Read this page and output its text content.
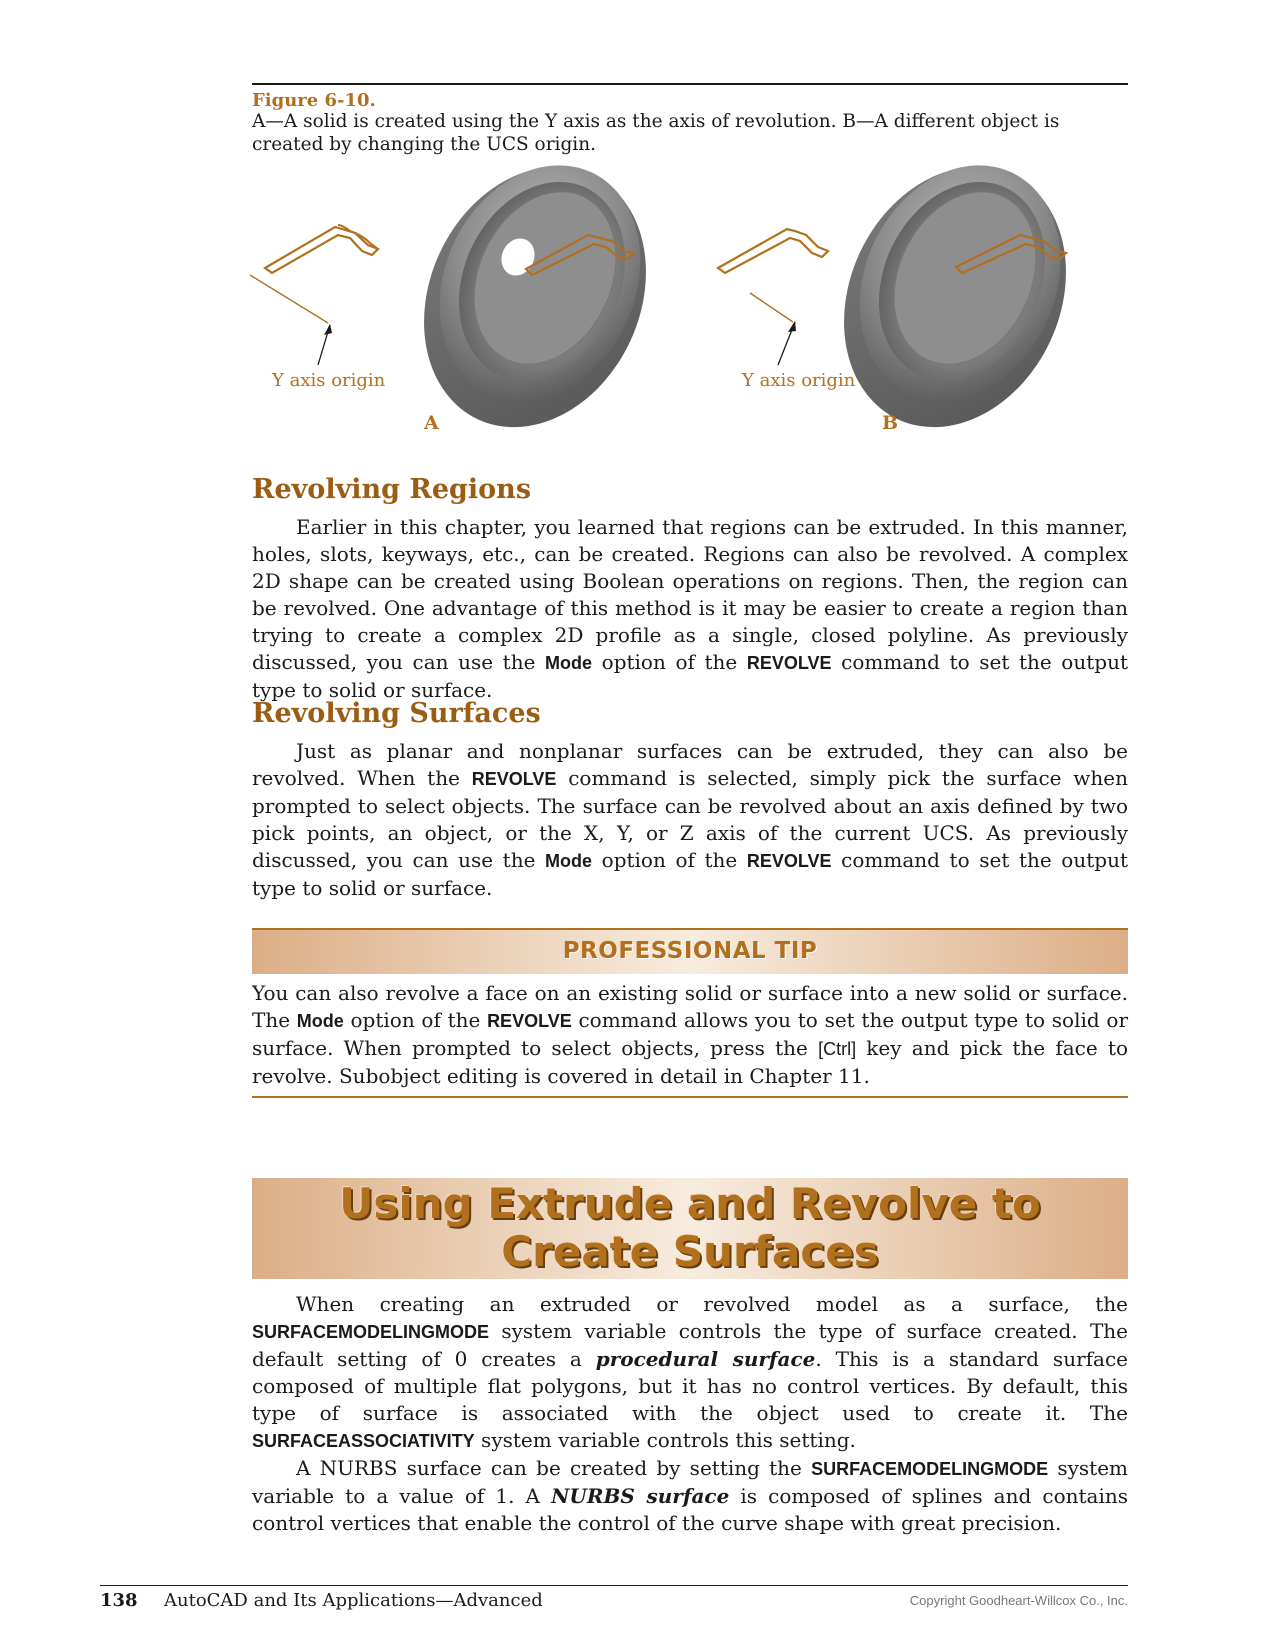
Figure 6-10.
A—A solid is created using the Y axis as the axis of revolution. B—A different object is created by changing the UCS origin.
Y axis origin	Y axis origin
A	B
Revolving Regions

Earlier in this chapter, you learned that regions can be extruded. In this manner, holes, slots, keyways, etc., can be created. Regions can also be revolved. A complex 2D shape can be created using Boolean operations on regions. Then, the region can be revolved. One advantage of this method is it may be easier to create a region than trying to create a complex 2D profile as a single, closed polyline. As previously discussed, you can use the Mode option of the REVOLVE command to set the output type to solid or surface.

Revolving Surfaces

Just as planar and nonplanar surfaces can be extruded, they can also be revolved. When the REVOLVE command is selected, simply pick the surface when prompted to select objects. The surface can be revolved about an axis defined by two pick points, an object, or the X, Y, or Z axis of the current UCS. As previously discussed, you can use the Mode option of the REVOLVE command to set the output type to solid or surface.

PROFESSIONAL TIP
You can also revolve a face on an existing solid or surface into a new solid or surface. The Mode option of the REVOLVE command allows you to set the output type to solid or surface. When prompted to select objects, press the [Ctrl] key and pick the face to revolve. Subobject editing is covered in detail in Chapter 11.
Using Extrude and Revolve to
Create Surfaces

When creating an extruded or revolved model as a surface, the SURFACEMODELINGMODE system variable controls the type of surface created. The default setting of 0 creates a procedural surface. This is a standard surface composed of multiple flat polygons, but it has no control vertices. By default, this type of surface is associated with the object used to create it. The SURFACEASSOCIATIVITY system variable controls this setting.

A NURBS surface can be created by setting the SURFACEMODELINGMODE system variable to a value of 1. A NURBS surface is composed of splines and contains control vertices that enable the control of the curve shape with great precision.

138 AutoCAD and Its Applications—Advanced	Copyright Goodheart-Willcox Co., Inc.
